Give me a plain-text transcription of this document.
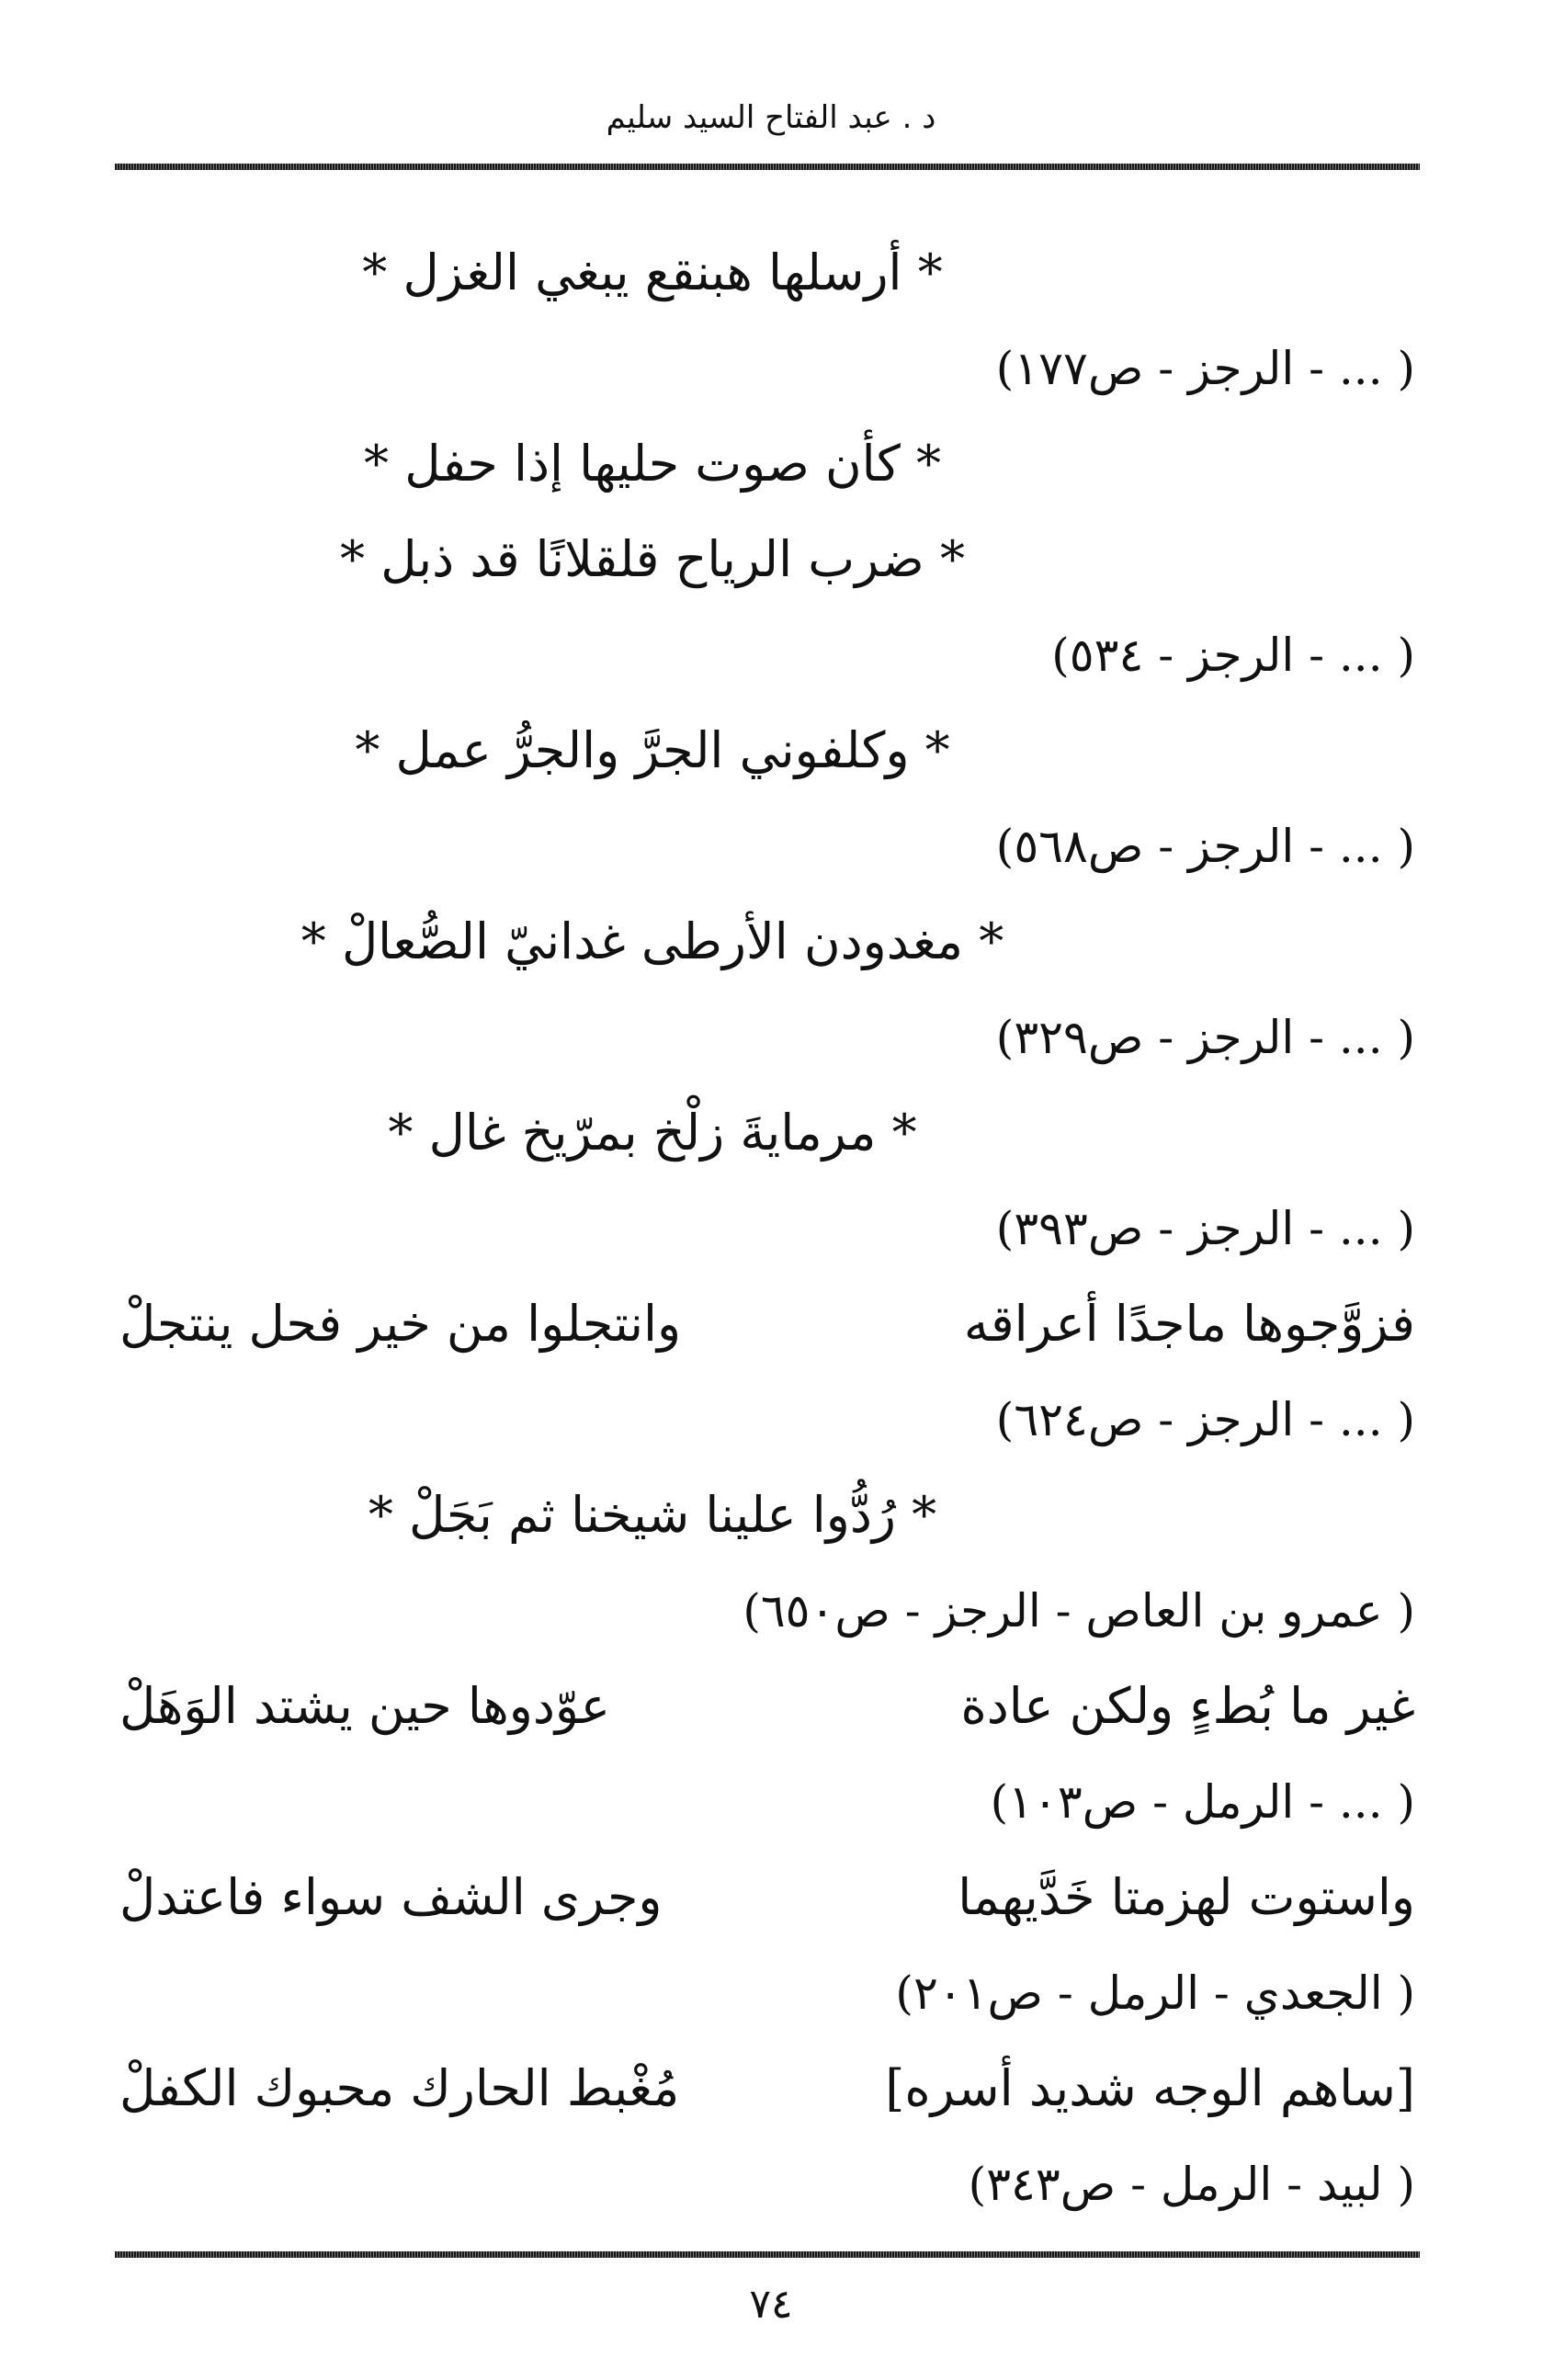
د . عبد الفتاح السيد سليم
* أرسلها هبنقع يبغي الغزل *
( ... - الرجز - ص١٧٧)
* كأن صوت حليها إذا حفل *
* ضرب الرياح قلقلانًا قد ذبل *
( ... - الرجز - ٥٣٤)
* وكلفوني الجرَّ والجرُّ عمل *
( ... - الرجز - ص٥٦٨)
* مغدودن الأرطى غدانيّ الصُّعالْ *
( ... - الرجز - ص٣٢٩)
* مرمايةَ زلْخ بمرّيخ غال *
( ... - الرجز - ص٣٩٣)
فزوَّجوها ماجدًا أعراقه
وانتجلوا من خير فحل ينتجلْ
( ... - الرجز - ص٦٢٤)
* رُدُّوا علينا شيخنا ثم بَجَلْ *
( عمرو بن العاص - الرجز - ص٦٥٠)
غير ما بُطءٍ ولكن عادة
عوّدوها حين يشتد الوَهَلْ
( ... - الرمل - ص١٠٣)
واستوت لهزمتا خَدَّيهما
وجرى الشف سواء فاعتدلْ
( الجعدي - الرمل - ص٢٠١)
[ساهم الوجه شديد أسره]
مُغْبط الحارك محبوك الكفلْ
( لبيد - الرمل - ص٣٤٣)
٧٤
